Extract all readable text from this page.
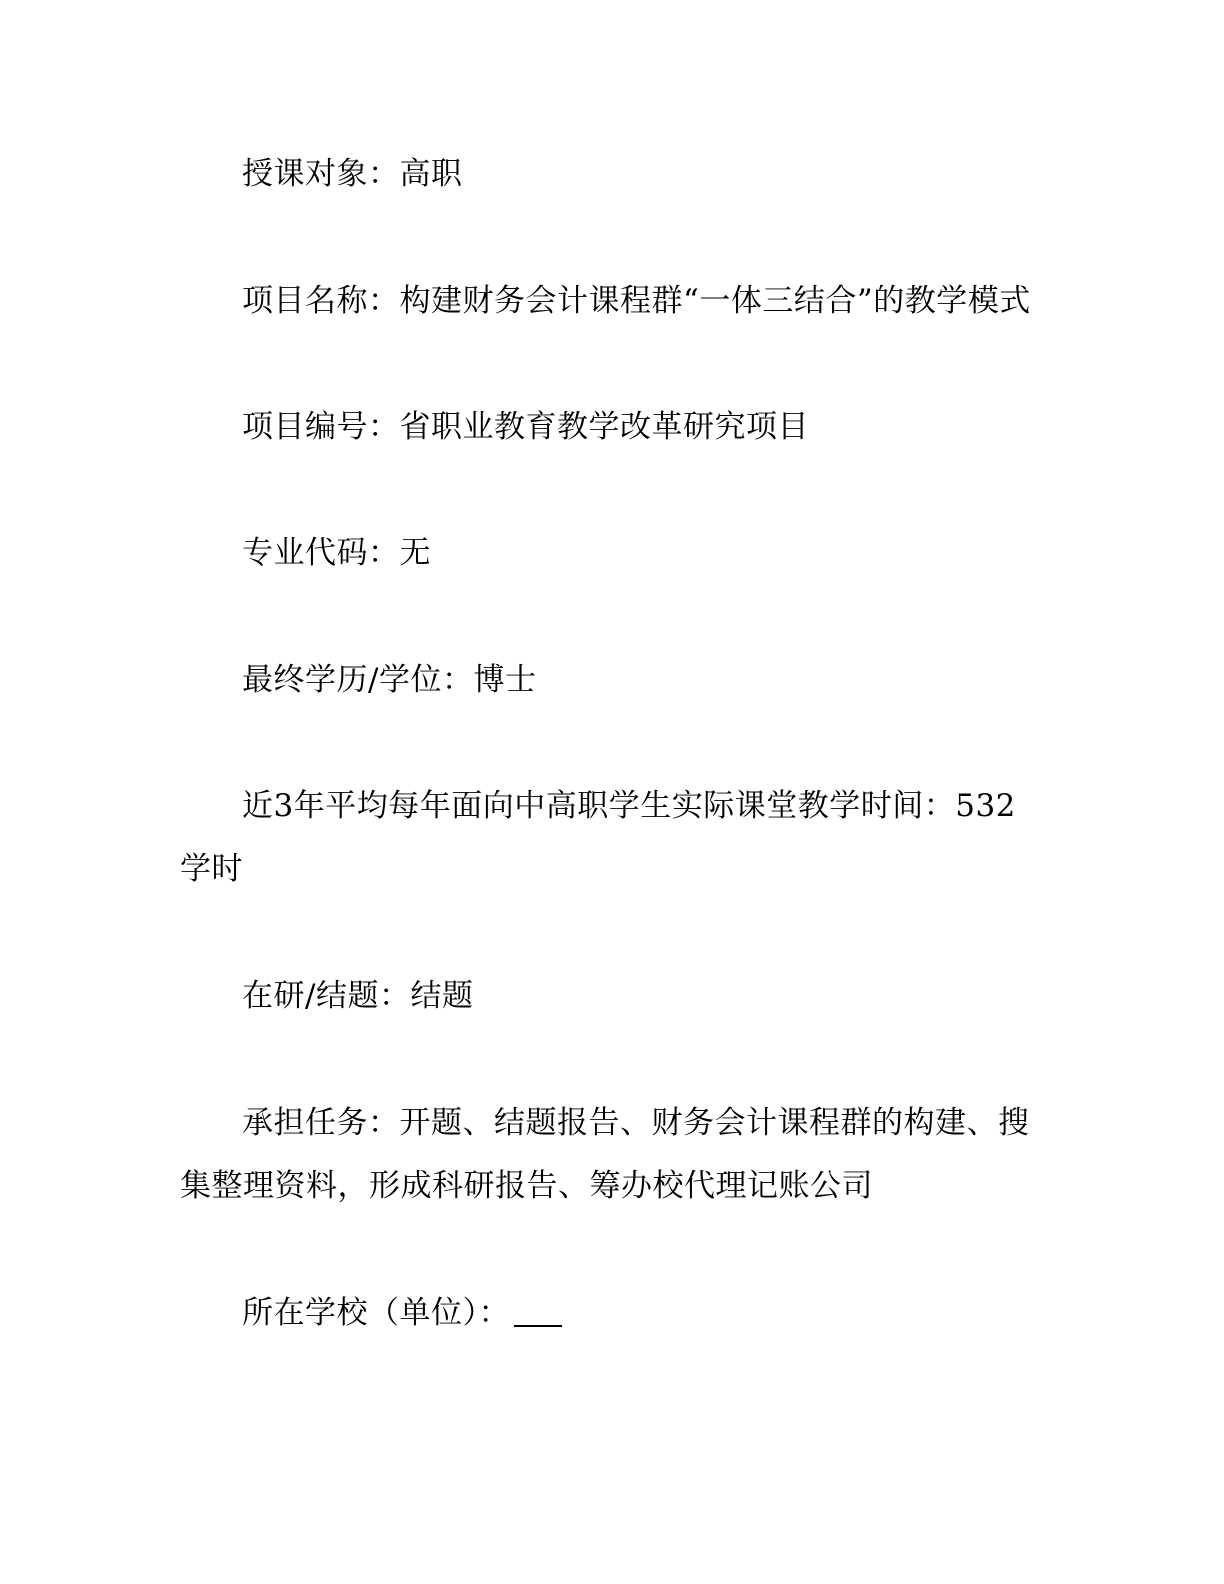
授课对象：高职

项目名称：构建财务会计课程群“一体三结合”的教学模式

项目编号：省职业教育教学改革研究项目

专业代码：无

最终学历/学位：博士

近3年平均每年面向中高职学生实际课堂教学时间：532学时

在研/结题：结题

承担任务：开题、结题报告、财务会计课程群的构建、搜集整理资料，形成科研报告、筹办校代理记账公司

所在学校（单位）：
